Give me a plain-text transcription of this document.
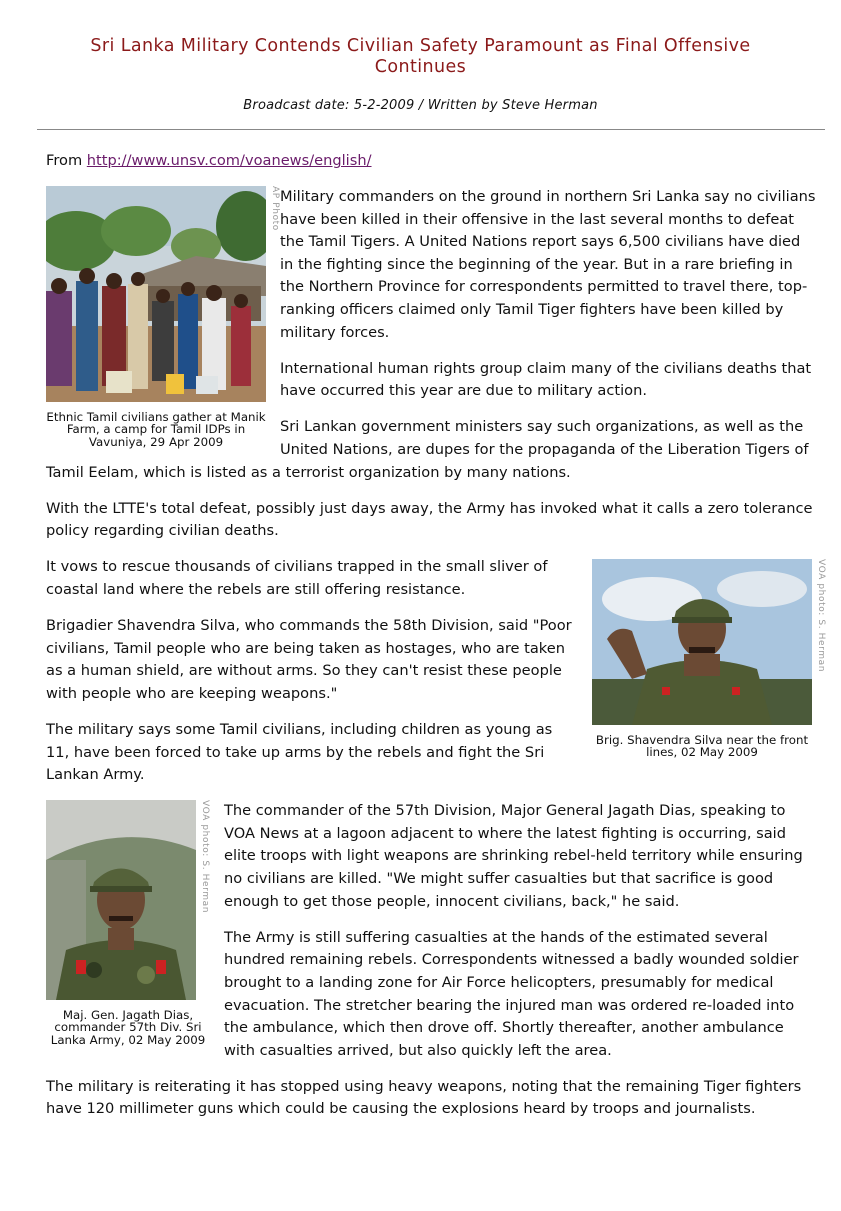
Sri Lanka Military Contends Civilian Safety Paramount as Final Offensive Continues
Broadcast date: 5-2-2009 / Written by Steve Herman

From http://www.unsv.com/voanews/english/

AP Photo
Ethnic Tamil civilians gather at Manik Farm, a camp for Tamil IDPs in Vavuniya, 29 Apr 2009

Military commanders on the ground in northern Sri Lanka say no civilians have been killed in their offensive in the last several months to defeat the Tamil Tigers. A United Nations report says 6,500 civilians have died in the fighting since the beginning of the year. But in a rare briefing in the Northern Province for correspondents permitted to travel there, top-ranking officers claimed only Tamil Tiger fighters have been killed by military forces.

International human rights group claim many of the civilians deaths that have occurred this year are due to military action.

Sri Lankan government ministers say such organizations, as well as the United Nations, are dupes for the propaganda of the Liberation Tigers of Tamil Eelam, which is listed as a terrorist organization by many nations.

With the LTTE's total defeat, possibly just days away, the Army has invoked what it calls a zero tolerance policy regarding civilian deaths.

VOA photo: S. Herman
Brig. Shavendra Silva near the front lines, 02 May 2009

It vows to rescue thousands of civilians trapped in the small sliver of coastal land where the rebels are still offering resistance.

Brigadier Shavendra Silva, who commands the 58th Division, said "Poor civilians, Tamil people who are being taken as hostages, who are taken as a human shield, are without arms. So they can't resist these people with people who are keeping weapons."

The military says some Tamil civilians, including children as young as 11, have been forced to take up arms by the rebels and fight the Sri Lankan Army.

VOA photo: S. Herman
Maj. Gen. Jagath Dias, commander 57th Div. Sri Lanka Army, 02 May 2009

The commander of the 57th Division, Major General Jagath Dias, speaking to VOA News at a lagoon adjacent to where the latest fighting is occurring, said elite troops with light weapons are shrinking rebel-held territory while ensuring no civilians are killed. "We might suffer casualties but that sacrifice is good enough to get those people, innocent civilians, back," he said.

The Army is still suffering casualties at the hands of the estimated several hundred remaining rebels. Correspondents witnessed a badly wounded soldier brought to a landing zone for Air Force helicopters, presumably for medical evacuation. The stretcher bearing the injured man was ordered re-loaded into the ambulance, which then drove off. Shortly thereafter, another ambulance with casualties arrived, but also quickly left the area.

The military is reiterating it has stopped using heavy weapons, noting that the remaining Tiger fighters have 120 millimeter guns which could be causing the explosions heard by troops and journalists.
